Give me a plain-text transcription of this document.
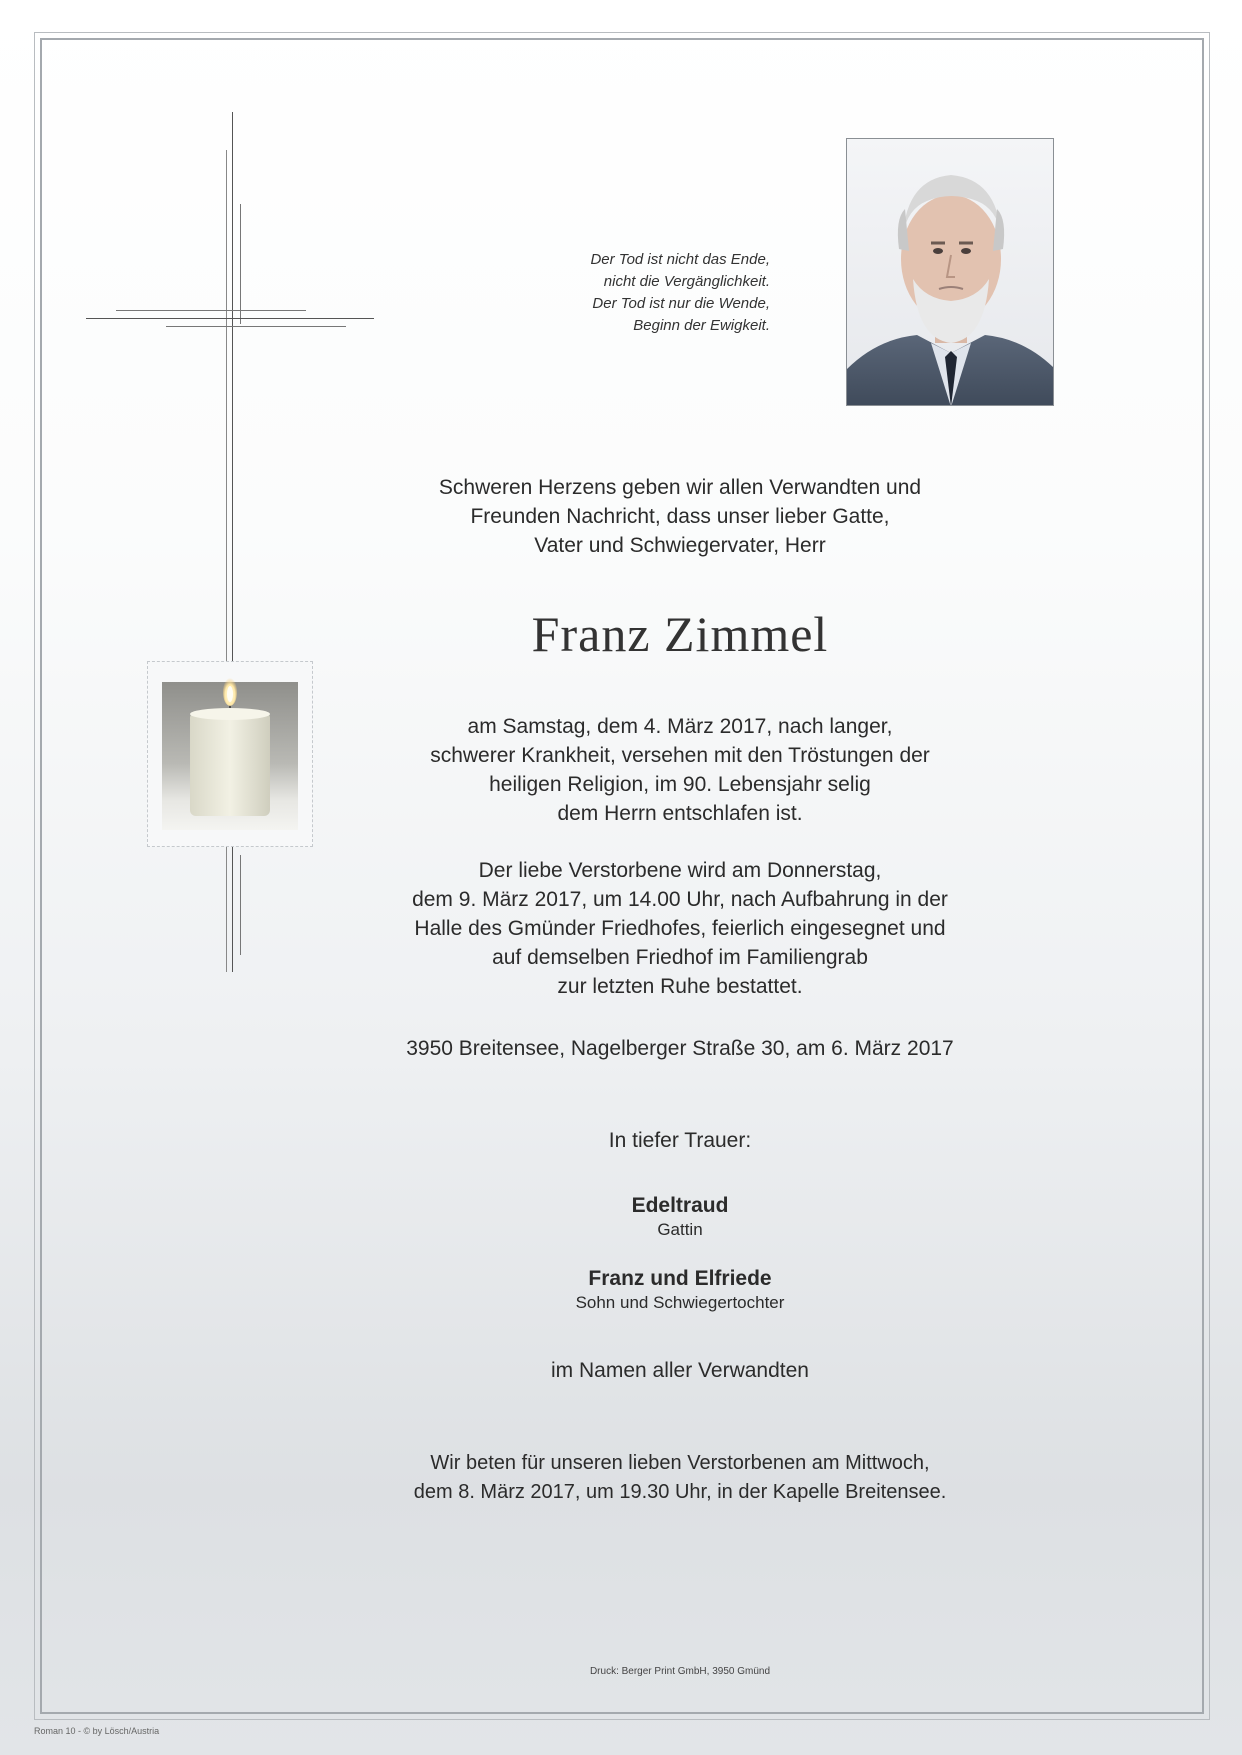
Der Tod ist nicht das Ende,
nicht die Vergänglichkeit.
Der Tod ist nur die Wende,
Beginn der Ewigkeit.
Schweren Herzens geben wir allen Verwandten und
Freunden Nachricht, dass unser lieber Gatte,
Vater und Schwiegervater, Herr
Franz Zimmel
am Samstag, dem 4. März 2017, nach langer,
schwerer Krankheit, versehen mit den Tröstungen der
heiligen Religion, im 90. Lebensjahr selig
dem Herrn entschlafen ist.
Der liebe Verstorbene wird am Donnerstag,
dem 9. März 2017, um 14.00 Uhr, nach Aufbahrung in der
Halle des Gmünder Friedhofes, feierlich eingesegnet und
auf demselben Friedhof im Familiengrab
zur letzten Ruhe bestattet.
3950 Breitensee, Nagelberger Straße 30, am 6. März 2017
In tiefer Trauer:
Edeltraud
Gattin
Franz und Elfriede
Sohn und Schwiegertochter
im Namen aller Verwandten
Wir beten für unseren lieben Verstorbenen am Mittwoch,
dem 8. März 2017, um 19.30 Uhr, in der Kapelle Breitensee.
Druck: Berger Print GmbH, 3950 Gmünd
Roman 10 - © by Lösch/Austria
